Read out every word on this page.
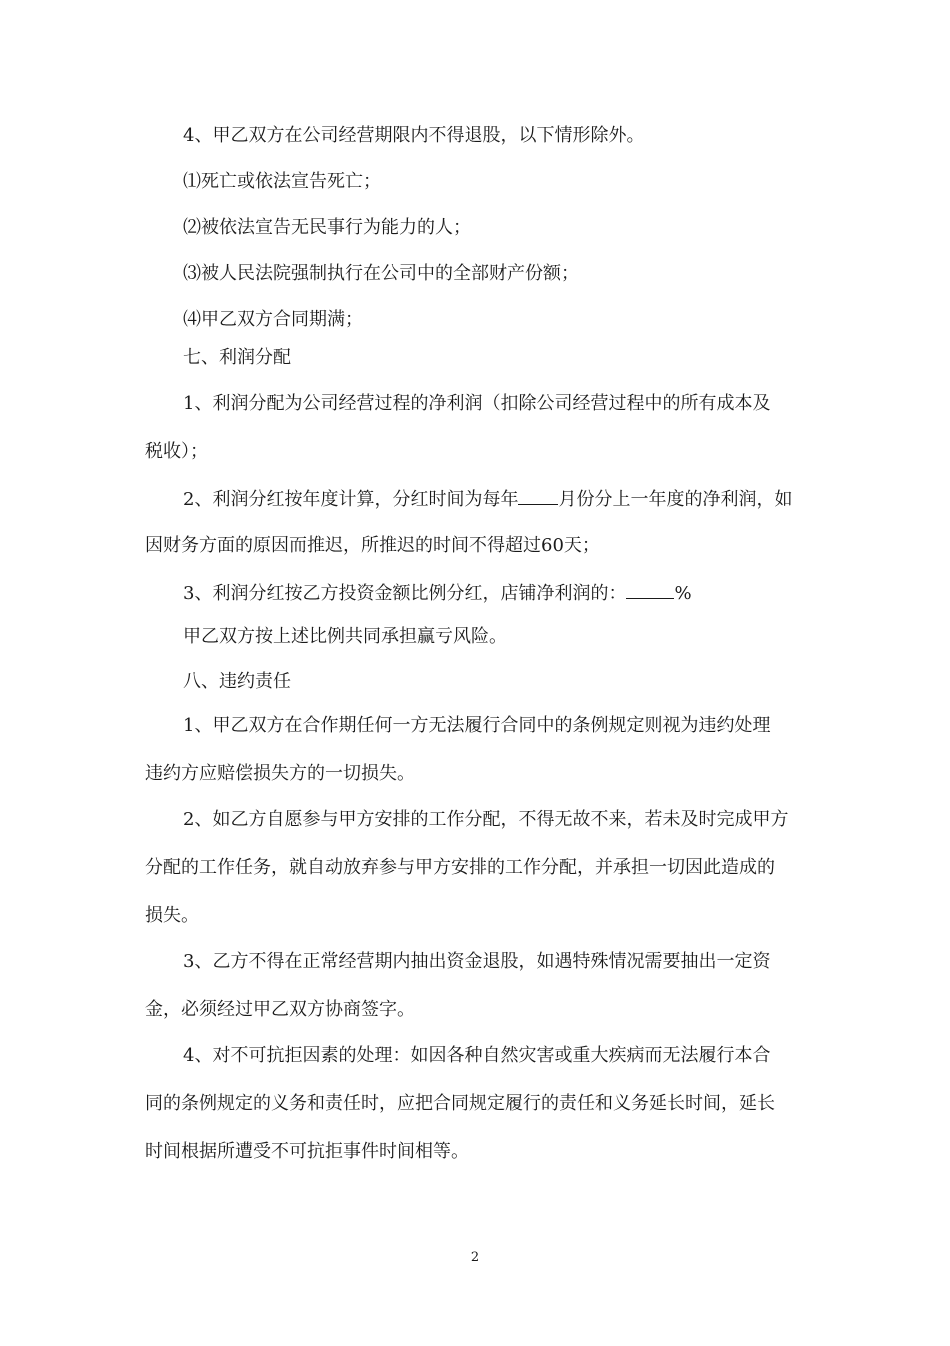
4、甲乙双方在公司经营期限内不得退股，以下情形除外。
⑴死亡或依法宣告死亡；
⑵被依法宣告无民事行为能力的人；
⑶被人民法院强制执行在公司中的全部财产份额；
⑷甲乙双方合同期满；
七、利润分配
1、利润分配为公司经营过程的净利润（扣除公司经营过程中的所有成本及
税收）；
2、利润分红按年度计算，分红时间为每年 月份分上一年度的净利润，如
因财务方面的原因而推迟，所推迟的时间不得超过60天；
3、利润分红按乙方投资金额比例分红，店铺净利润的：	%
甲乙双方按上述比例共同承担赢亏风险。
八、违约责任
1、甲乙双方在合作期任何一方无法履行合同中的条例规定则视为违约处理
违约方应赔偿损失方的一切损失。
2、如乙方自愿参与甲方安排的工作分配，不得无故不来，若未及时完成甲方
分配的工作任务，就自动放弃参与甲方安排的工作分配，并承担一切因此造成的
损失。
3、乙方不得在正常经营期内抽出资金退股，如遇特殊情况需要抽出一定资
金，必须经过甲乙双方协商签字。
4、对不可抗拒因素的处理：如因各种自然灾害或重大疾病而无法履行本合
同的条例规定的义务和责任时，应把合同规定履行的责任和义务延长时间，延长
时间根据所遭受不可抗拒事件时间相等。
2
